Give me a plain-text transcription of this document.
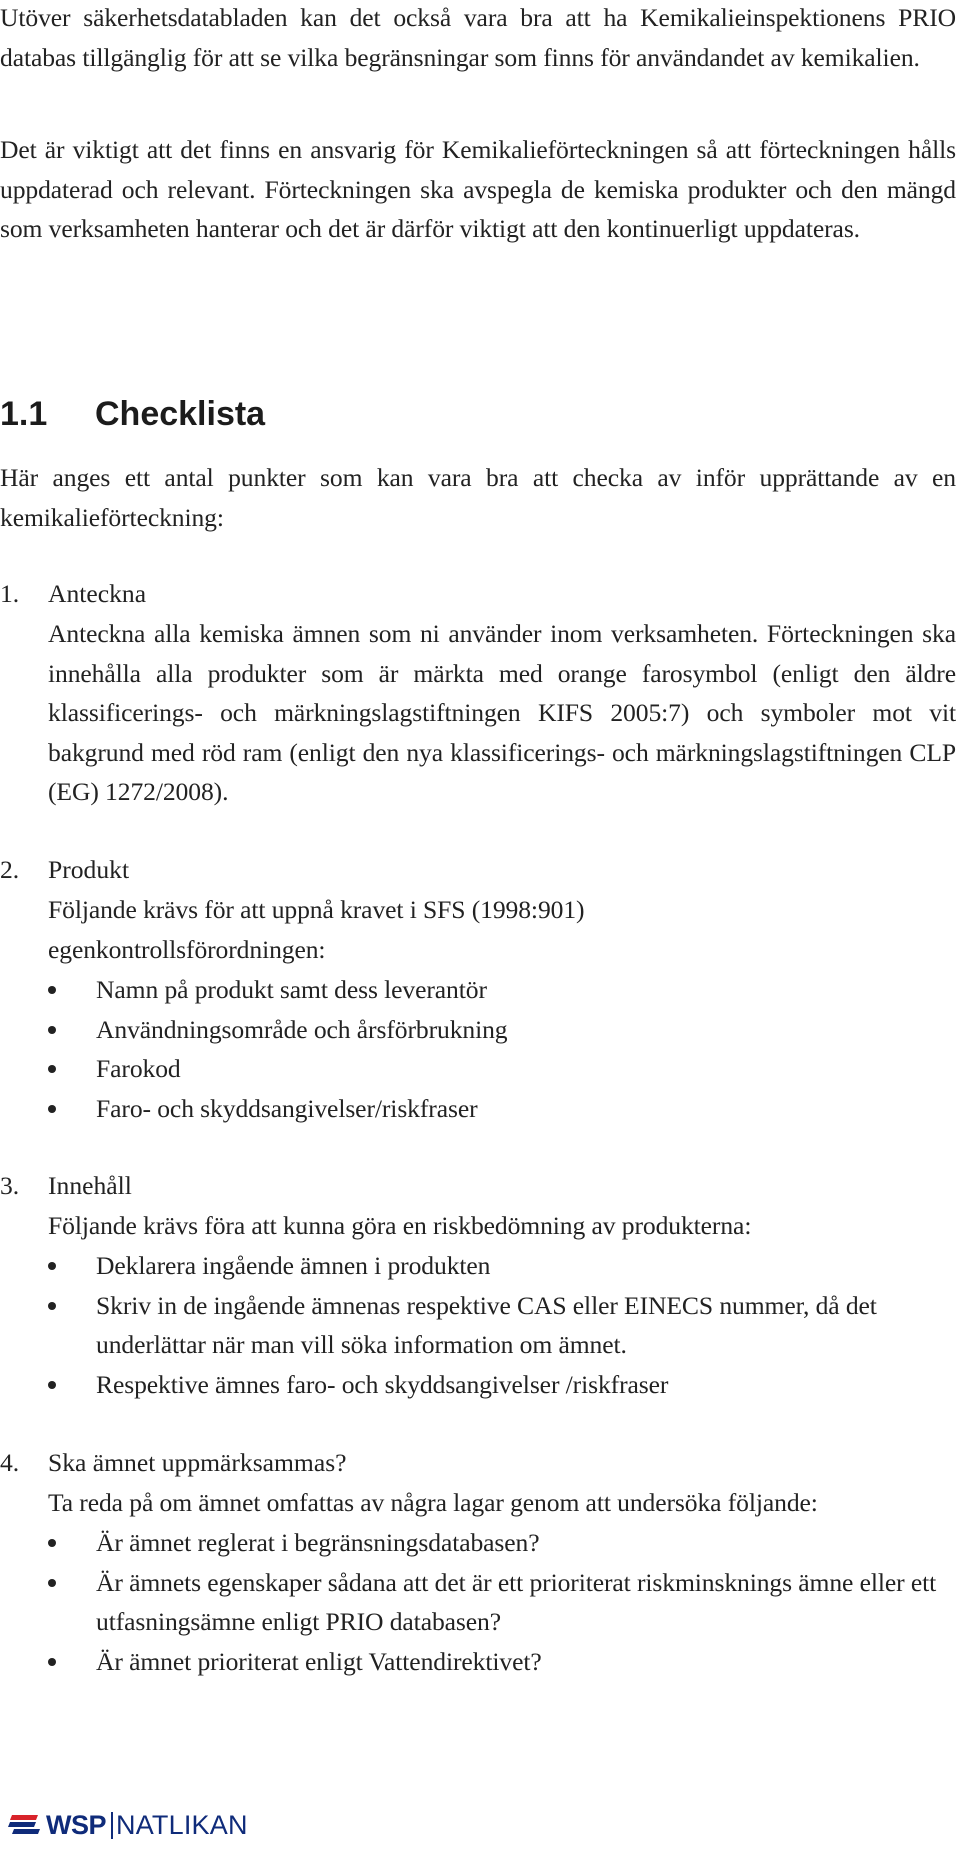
Utöver säkerhetsdatabladen kan det också vara bra att ha Kemikalieinspektionens PRIO databas tillgänglig för att se vilka begränsningar som finns för användandet av kemikalien.

Det är viktigt att det finns en ansvarig för Kemikalieförteckningen så att förteckningen hålls uppdaterad och relevant. Förteckningen ska avspegla de kemiska produkter och den mängd som verksamheten hanterar och det är därför viktigt att den kontinuerligt uppdateras.

1.1 Checklista

Här anges ett antal punkter som kan vara bra att checka av inför upprättande av en kemikalieförteckning:

1. Anteckna

Anteckna alla kemiska ämnen som ni använder inom verksamheten. Förteckningen ska innehålla alla produkter som är märkta med orange farosymbol (enligt den äldre klassificerings- och märkningslagstiftningen KIFS 2005:7) och symboler mot vit bakgrund med röd ram (enligt den nya klassificerings- och märkningslagstiftningen CLP (EG) 1272/2008).

2. Produkt

Följande krävs för att uppnå kravet i SFS (1998:901) egenkontrollsförordningen:

Namn på produkt samt dess leverantör
Användningsområde och årsförbrukning
Farokod
Faro- och skyddsangivelser/riskfraser

3. Innehåll

Följande krävs föra att kunna göra en riskbedömning av produkterna:

Deklarera ingående ämnen i produkten
Skriv in de ingående ämnenas respektive CAS eller EINECS nummer, då det underlättar när man vill söka information om ämnet.
Respektive ämnes faro- och skyddsangivelser /riskfraser

4. Ska ämnet uppmärksammas?

Ta reda på om ämnet omfattas av några lagar genom att undersöka följande:

Är ämnet reglerat i begränsningsdatabasen?
Är ämnets egenskaper sådana att det är ett prioriterat riskminsknings ämne eller ett utfasningsämne enligt PRIO databasen?
Är ämnet prioriterat enligt Vattendirektivet?
WSP NATLIKAN
